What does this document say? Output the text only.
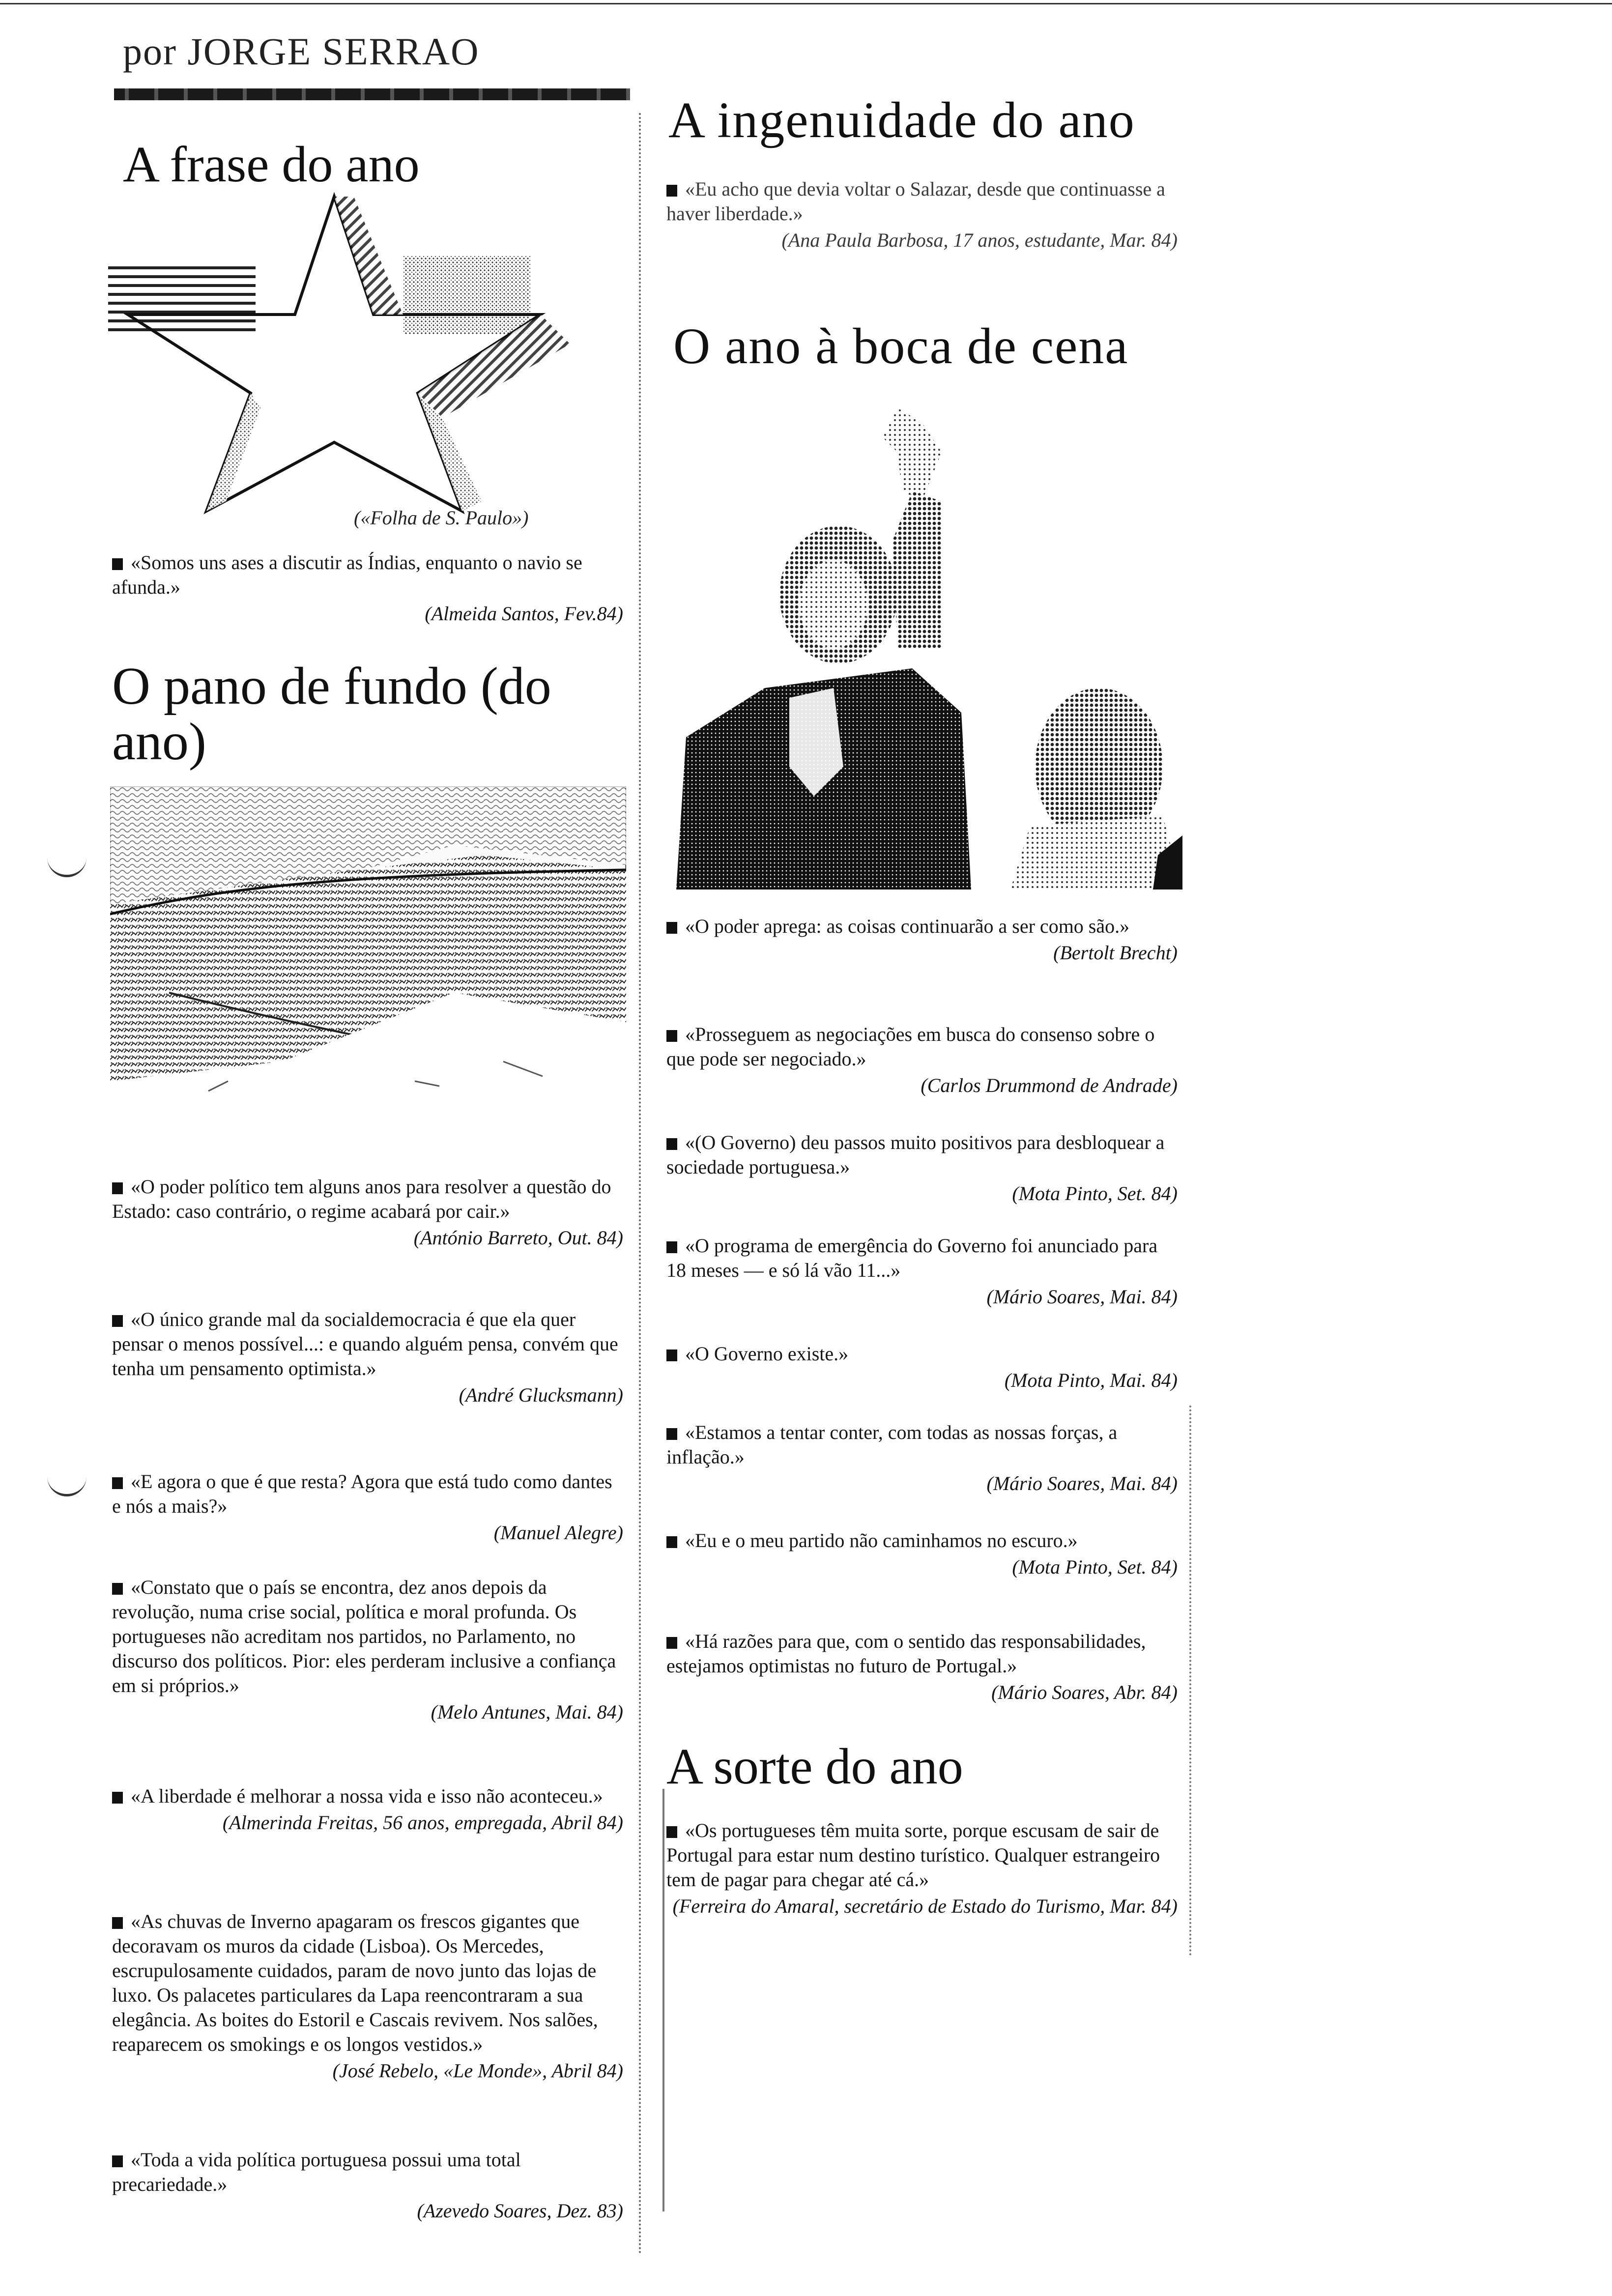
por JORGE SERRAO
A frase do ano
(«Folha de S. Paulo»)
«Somos uns ases a discutir as Índias, enquanto o navio se afunda.»
(Almeida Santos, Fev.84)
O pano de fundo (do ano)
«O poder político tem alguns anos para resolver a questão do Estado: caso contrário, o regime acabará por cair.»
(António Barreto, Out. 84)
«O único grande mal da socialdemocracia é que ela quer pensar o menos possível...: e quando alguém pensa, convém que tenha um pensamento optimista.»
(André Glucksmann)
«E agora o que é que resta? Agora que está tudo como dantes e nós a mais?»
(Manuel Alegre)
«Constato que o país se encontra, dez anos depois da revolução, numa crise social, política e moral profunda. Os portugueses não acreditam nos partidos, no Parlamento, no discurso dos políticos. Pior: eles perderam inclusive a confiança em si próprios.»
(Melo Antunes, Mai. 84)
«A liberdade é melhorar a nossa vida e isso não aconteceu.»
(Almerinda Freitas, 56 anos, empregada, Abril 84)
«As chuvas de Inverno apagaram os frescos gigantes que decoravam os muros da cidade (Lisboa). Os Mercedes, escrupulosamente cuidados, param de novo junto das lojas de luxo. Os palacetes particulares da Lapa reencontraram a sua elegância. As boites do Estoril e Cascais revivem. Nos salões, reaparecem os smokings e os longos vestidos.»
(José Rebelo, «Le Monde», Abril 84)
«Toda a vida política portuguesa possui uma total precariedade.»
(Azevedo Soares, Dez. 83)
A ingenuidade do ano
«Eu acho que devia voltar o Salazar, desde que continuasse a haver liberdade.»
(Ana Paula Barbosa, 17 anos, estudante, Mar. 84)
O ano à boca de cena
«O poder aprega: as coisas continuarão a ser como são.»
(Bertolt Brecht)
«Prosseguem as negociações em busca do consenso sobre o que pode ser negociado.»
(Carlos Drummond de Andrade)
«(O Governo) deu passos muito positivos para desbloquear a sociedade portuguesa.»
(Mota Pinto, Set. 84)
«O programa de emergência do Governo foi anunciado para 18 meses — e só lá vão 11...»
(Mário Soares, Mai. 84)
«O Governo existe.»
(Mota Pinto, Mai. 84)
«Estamos a tentar conter, com todas as nossas forças, a inflação.»
(Mário Soares, Mai. 84)
«Eu e o meu partido não caminhamos no escuro.»
(Mota Pinto, Set. 84)
«Há razões para que, com o sentido das responsabilidades, estejamos optimistas no futuro de Portugal.»
(Mário Soares, Abr. 84)
A sorte do ano
«Os portugueses têm muita sorte, porque escusam de sair de Portugal para estar num destino turístico. Qualquer estrangeiro tem de pagar para chegar até cá.»
(Ferreira do Amaral, secretário de Estado do Turismo, Mar. 84)
